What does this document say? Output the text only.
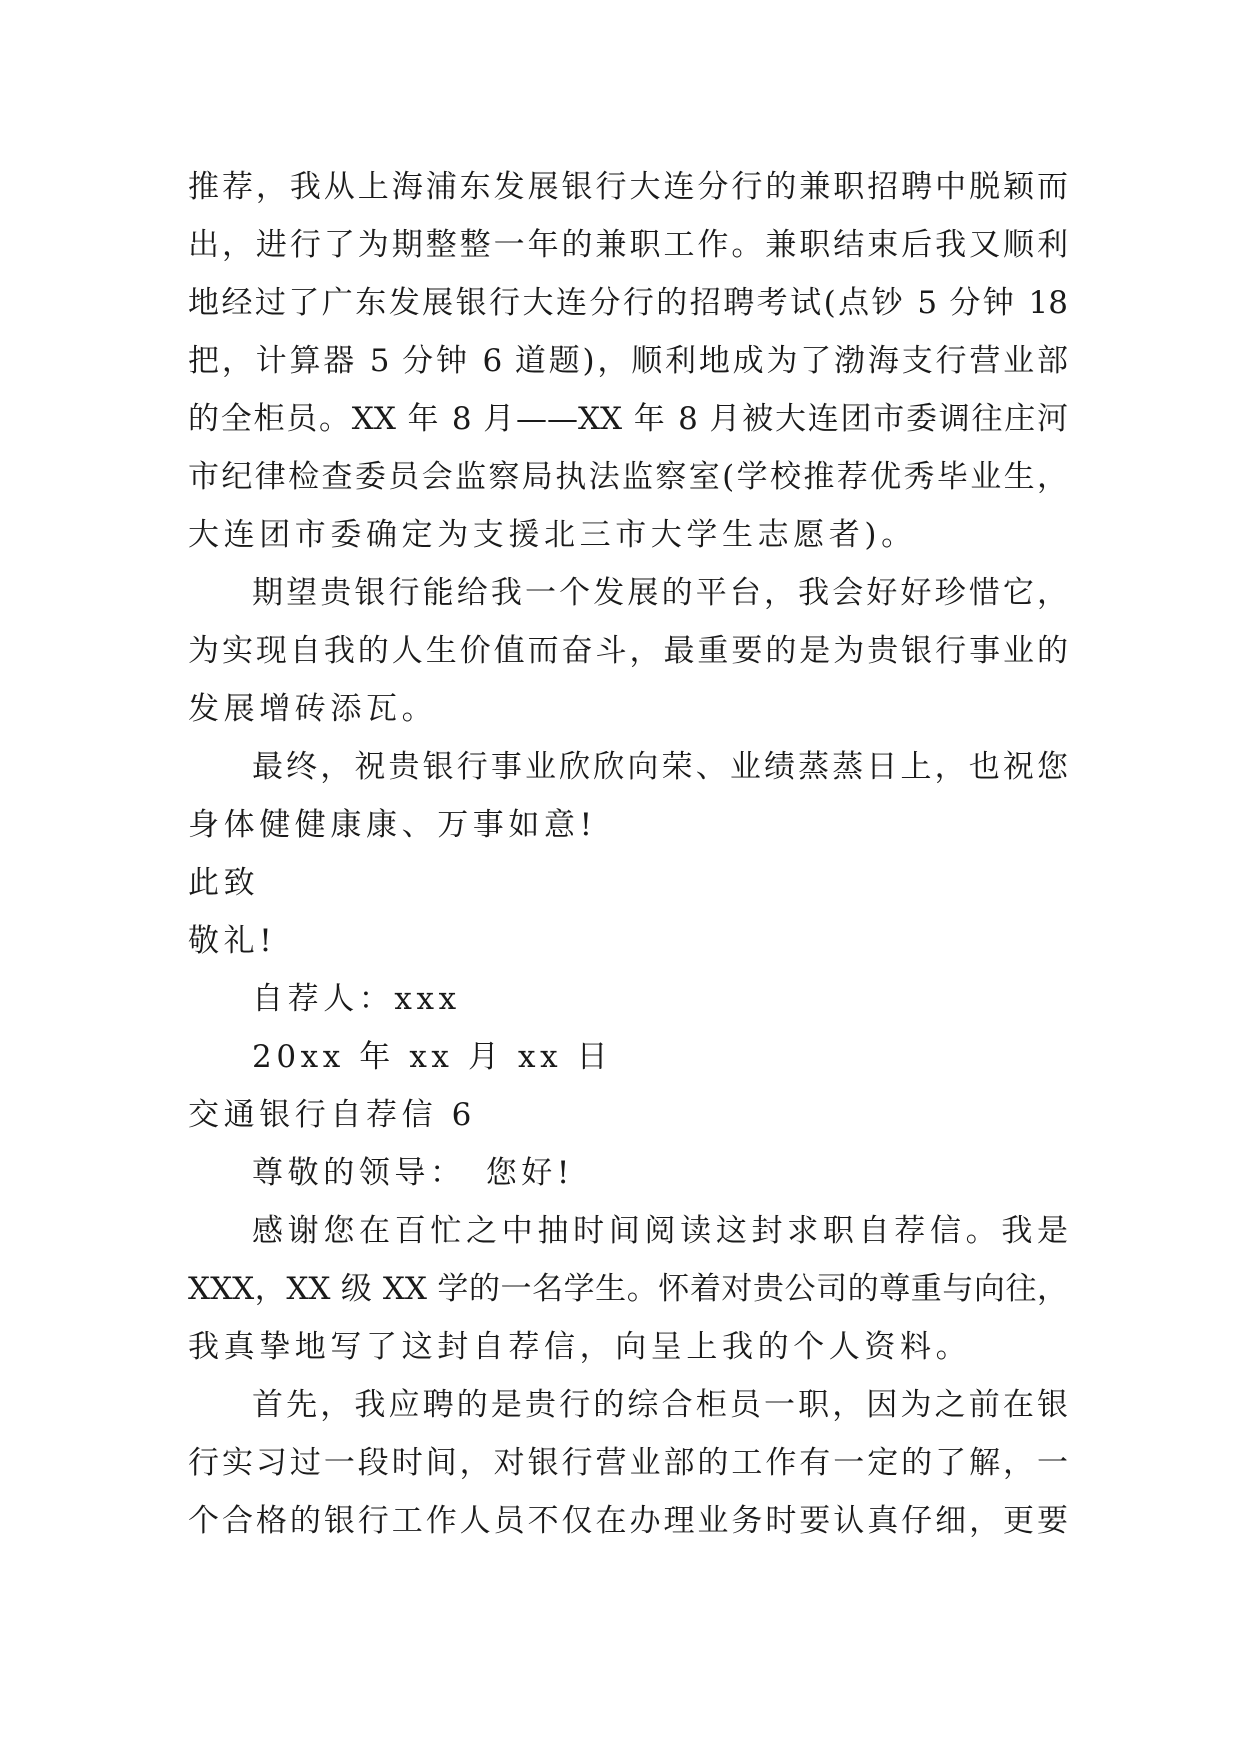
推荐，我从上海浦东发展银行大连分行的兼职招聘中脱颖而
出，进行了为期整整一年的兼职工作。兼职结束后我又顺利
地经过了广东发展银行大连分行的招聘考试(点钞 5 分钟 18
把，计算器 5 分钟 6 道题)，顺利地成为了渤海支行营业部
的全柜员。XX 年 8 月——XX 年 8 月被大连团市委调往庄河
市纪律检查委员会监察局执法监察室(学校推荐优秀毕业生，
大连团市委确定为支援北三市大学生志愿者)。
期望贵银行能给我一个发展的平台，我会好好珍惜它，
为实现自我的人生价值而奋斗，最重要的是为贵银行事业的
发展增砖添瓦。
最终，祝贵银行事业欣欣向荣、业绩蒸蒸日上，也祝您
身体健健康康、万事如意!
此致
敬礼!
自荐人：xxx
20xx 年 xx 月 xx 日
交通银行自荐信 6
尊敬的领导：　您好!
感谢您在百忙之中抽时间阅读这封求职自荐信。我是
XXX，XX 级 XX 学的一名学生。怀着对贵公司的尊重与向往，
我真挚地写了这封自荐信，向呈上我的个人资料。
首先，我应聘的是贵行的综合柜员一职，因为之前在银
行实习过一段时间，对银行营业部的工作有一定的了解，一
个合格的银行工作人员不仅在办理业务时要认真仔细，更要
